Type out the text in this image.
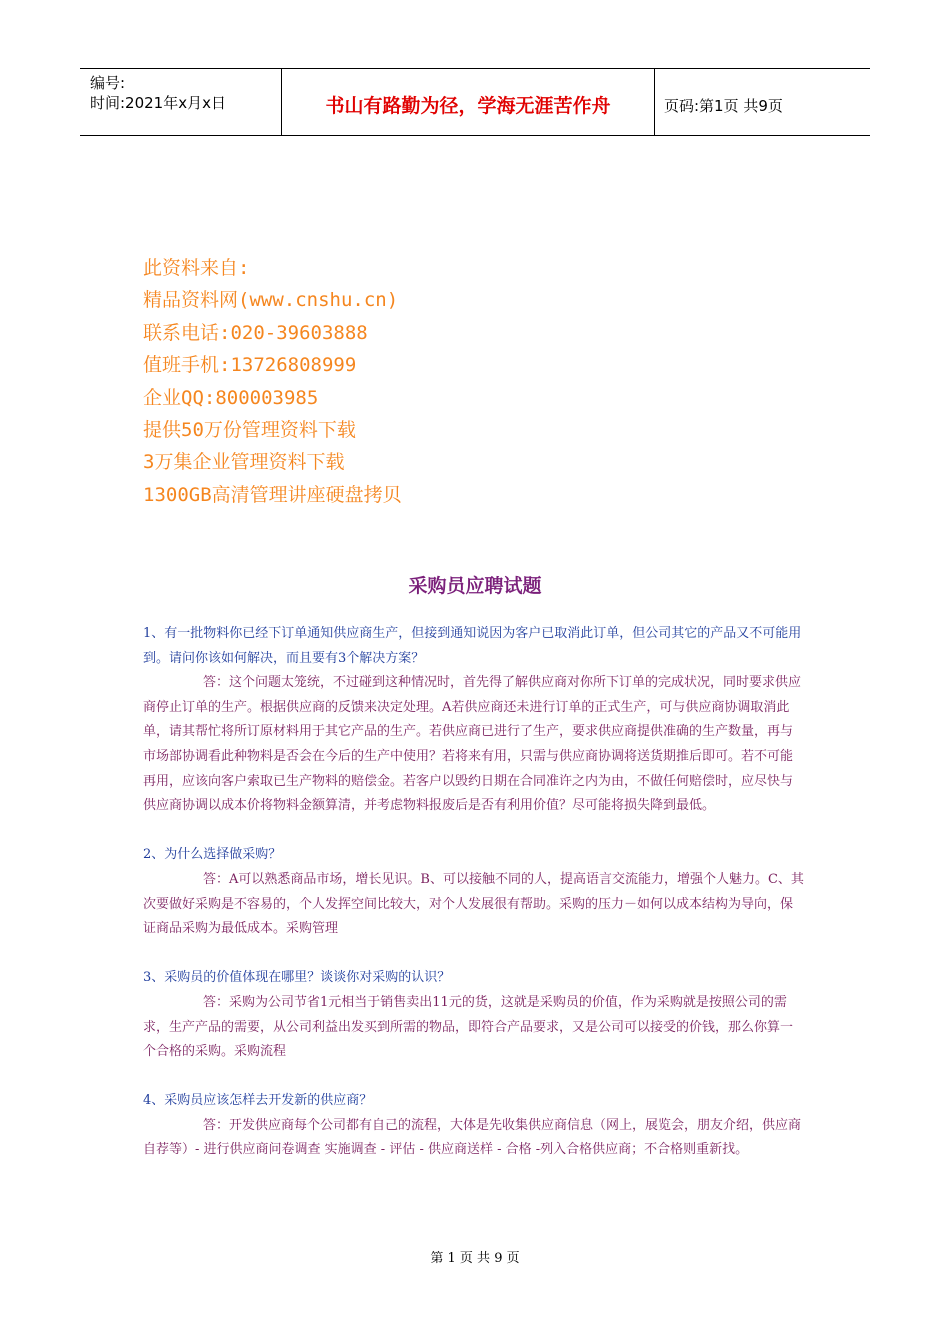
编号:
时间:2021年x月x日	书山有路勤为径，学海无涯苦作舟	页码:第1页 共9页
此资料来自:
精品资料网(www.cnshu.cn)
联系电话:020-39603888
值班手机:13726808999
企业QQ:800003985
提供50万份管理资料下载
3万集企业管理资料下载
1300GB高清管理讲座硬盘拷贝
采购员应聘试题
1、有一批物料你已经下订单通知供应商生产，但接到通知说因为客户已取消此订单，但公司其它的产品又不可能用到。请问你该如何解决，而且要有3个解决方案？
答：这个问题太笼统，不过碰到这种情况时，首先得了解供应商对你所下订单的完成状况，同时要求供应商停止订单的生产。根据供应商的反馈来决定处理。A若供应商还未进行订单的正式生产，可与供应商协调取消此单，请其帮忙将所订原材料用于其它产品的生产。若供应商已进行了生产，要求供应商提供准确的生产数量，再与市场部协调看此种物料是否会在今后的生产中使用？若将来有用，只需与供应商协调将送货期推后即可。若不可能再用，应该向客户索取已生产物料的赔偿金。若客户以毁约日期在合同准许之内为由，不做任何赔偿时，应尽快与供应商协调以成本价将物料金额算清，并考虑物料报废后是否有利用价值？尽可能将损失降到最低。
2、为什么选择做采购？
答：A可以熟悉商品市场，增长见识。B、可以接触不同的人，提高语言交流能力，增强个人魅力。C、其次要做好采购是不容易的，个人发挥空间比较大，对个人发展很有帮助。采购的压力－如何以成本结构为导向，保证商品采购为最低成本。采购管理
3、采购员的价值体现在哪里？谈谈你对采购的认识？
答：采购为公司节省1元相当于销售卖出11元的货，这就是采购员的价值，作为采购就是按照公司的需求，生产产品的需要，从公司利益出发买到所需的物品，即符合产品要求，又是公司可以接受的价钱，那么你算一个合格的采购。采购流程
4、采购员应该怎样去开发新的供应商？
答：开发供应商每个公司都有自己的流程，大体是先收集供应商信息（网上，展览会，朋友介绍，供应商自荐等）- 进行供应商问卷调查 实施调查 - 评估 - 供应商送样 - 合格 -列入合格供应商；不合格则重新找。
第 1 页 共 9 页
